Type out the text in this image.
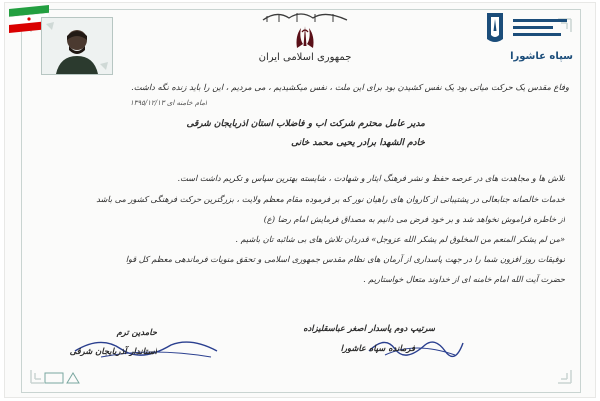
جمهوری اسلامی ایران	سپاه عاشورا
وفاع مقدس یک حرکت میاتی بود یک نفس کشیدن بود برای این ملت ، نفس میکشیدیم ، می مردیم ، این را باید زنده نگه داشت.
امام خامنه ای ۱۳۹۵/۱۲/۱۳
مدیر عامل محترم شرکت آب و فاضلاب استان آذربایجان شرقی
خادم الشهدا برادر یحیی محمد خانی
تلاش ها و مجاهدت های در عرصه حفظ و نشر فرهنگ ایثار و شهادت ، شایسته بهترین سپاس و تکریم داشت است.
خدمات خالصانه جنابعالی در پشتیبانی از کاروان های راهیان نور که بر فرموده مقام معظم ولایت ، بزرگترین حرکت فرهنگی کشور می باشد
از خاطره فراموش نخواهد شد و بر خود فرض می دانیم به مصداق فرمایش امام رضا (ع)
«من لم یشکر المنعم من المخلوق لم یشکر الله عزوجل» قدردان تلاش های بی شائبه تان باشیم .
توفیقات روز افزون شما را در جهت پاسداری از آرمان های نظام مقدس جمهوری اسلامی و تحقق منویات فرماندهی معظم کل قوا
حضرت آیت الله امام خامنه ای از خداوند متعال خواستاریم .
سرتیپ دوم پاسدار اصغر عباسقلیزاده
فرمانده سپاه عاشورا
حامدین ترم
استاندار آذربایجان شرقی
